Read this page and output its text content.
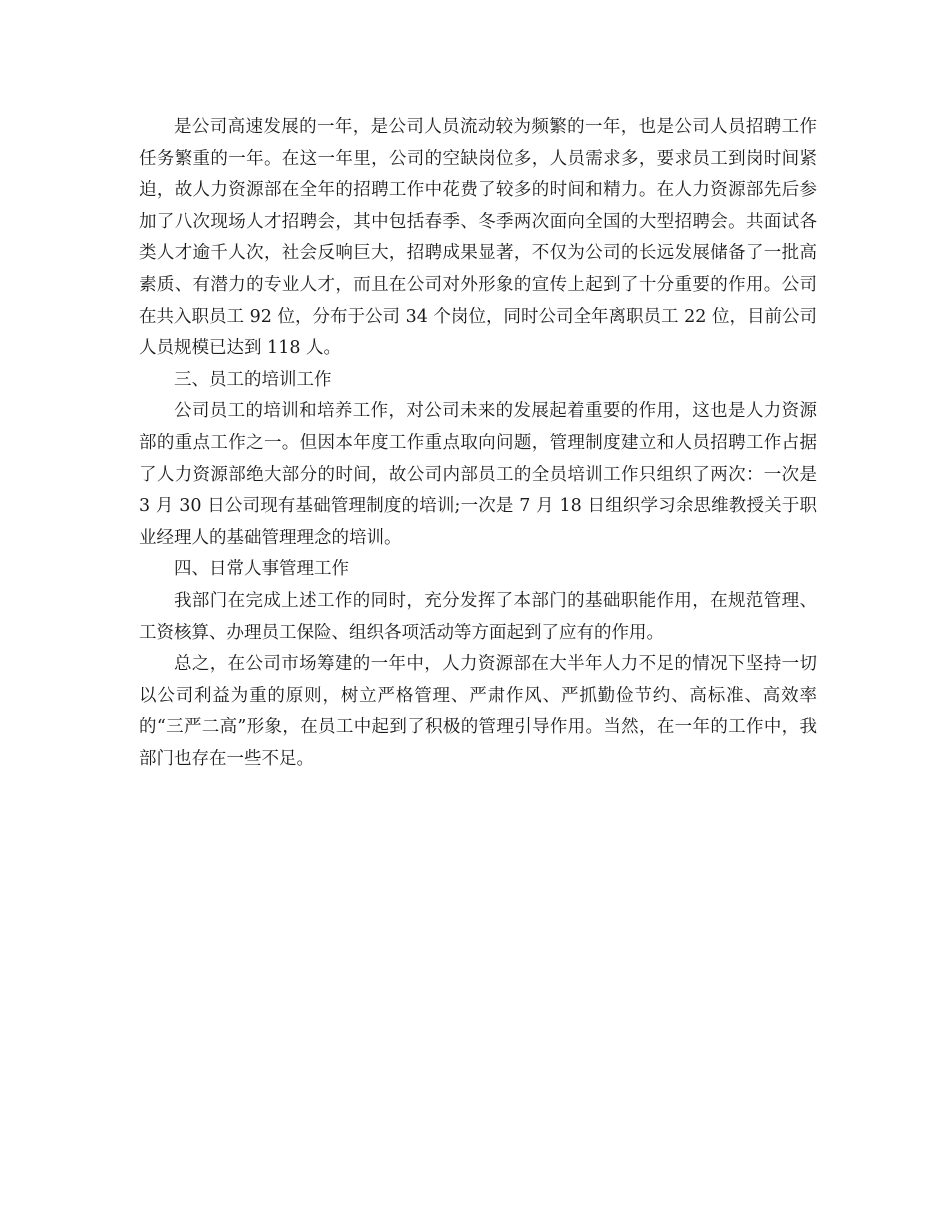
是公司高速发展的一年，是公司人员流动较为频繁的一年，也是公司人员招聘工作任务繁重的一年。在这一年里，公司的空缺岗位多，人员需求多，要求员工到岗时间紧迫，故人力资源部在全年的招聘工作中花费了较多的时间和精力。在人力资源部先后参加了八次现场人才招聘会，其中包括春季、冬季两次面向全国的大型招聘会。共面试各类人才逾千人次，社会反响巨大，招聘成果显著，不仅为公司的长远发展储备了一批高素质、有潜力的专业人才，而且在公司对外形象的宣传上起到了十分重要的作用。公司在共入职员工 92 位，分布于公司 34 个岗位，同时公司全年离职员工 22 位，目前公司人员规模已达到 118 人。

三、员工的培训工作

公司员工的培训和培养工作，对公司未来的发展起着重要的作用，这也是人力资源部的重点工作之一。但因本年度工作重点取向问题，管理制度建立和人员招聘工作占据了人力资源部绝大部分的时间，故公司内部员工的全员培训工作只组织了两次：一次是 3 月 30 日公司现有基础管理制度的培训;一次是 7 月 18 日组织学习余思维教授关于职业经理人的基础管理理念的培训。

四、日常人事管理工作

我部门在完成上述工作的同时，充分发挥了本部门的基础职能作用，在规范管理、工资核算、办理员工保险、组织各项活动等方面起到了应有的作用。

总之，在公司市场筹建的一年中，人力资源部在大半年人力不足的情况下坚持一切以公司利益为重的原则，树立严格管理、严肃作风、严抓勤俭节约、高标准、高效率的“三严二高”形象，在员工中起到了积极的管理引导作用。当然，在一年的工作中，我部门也存在一些不足。
